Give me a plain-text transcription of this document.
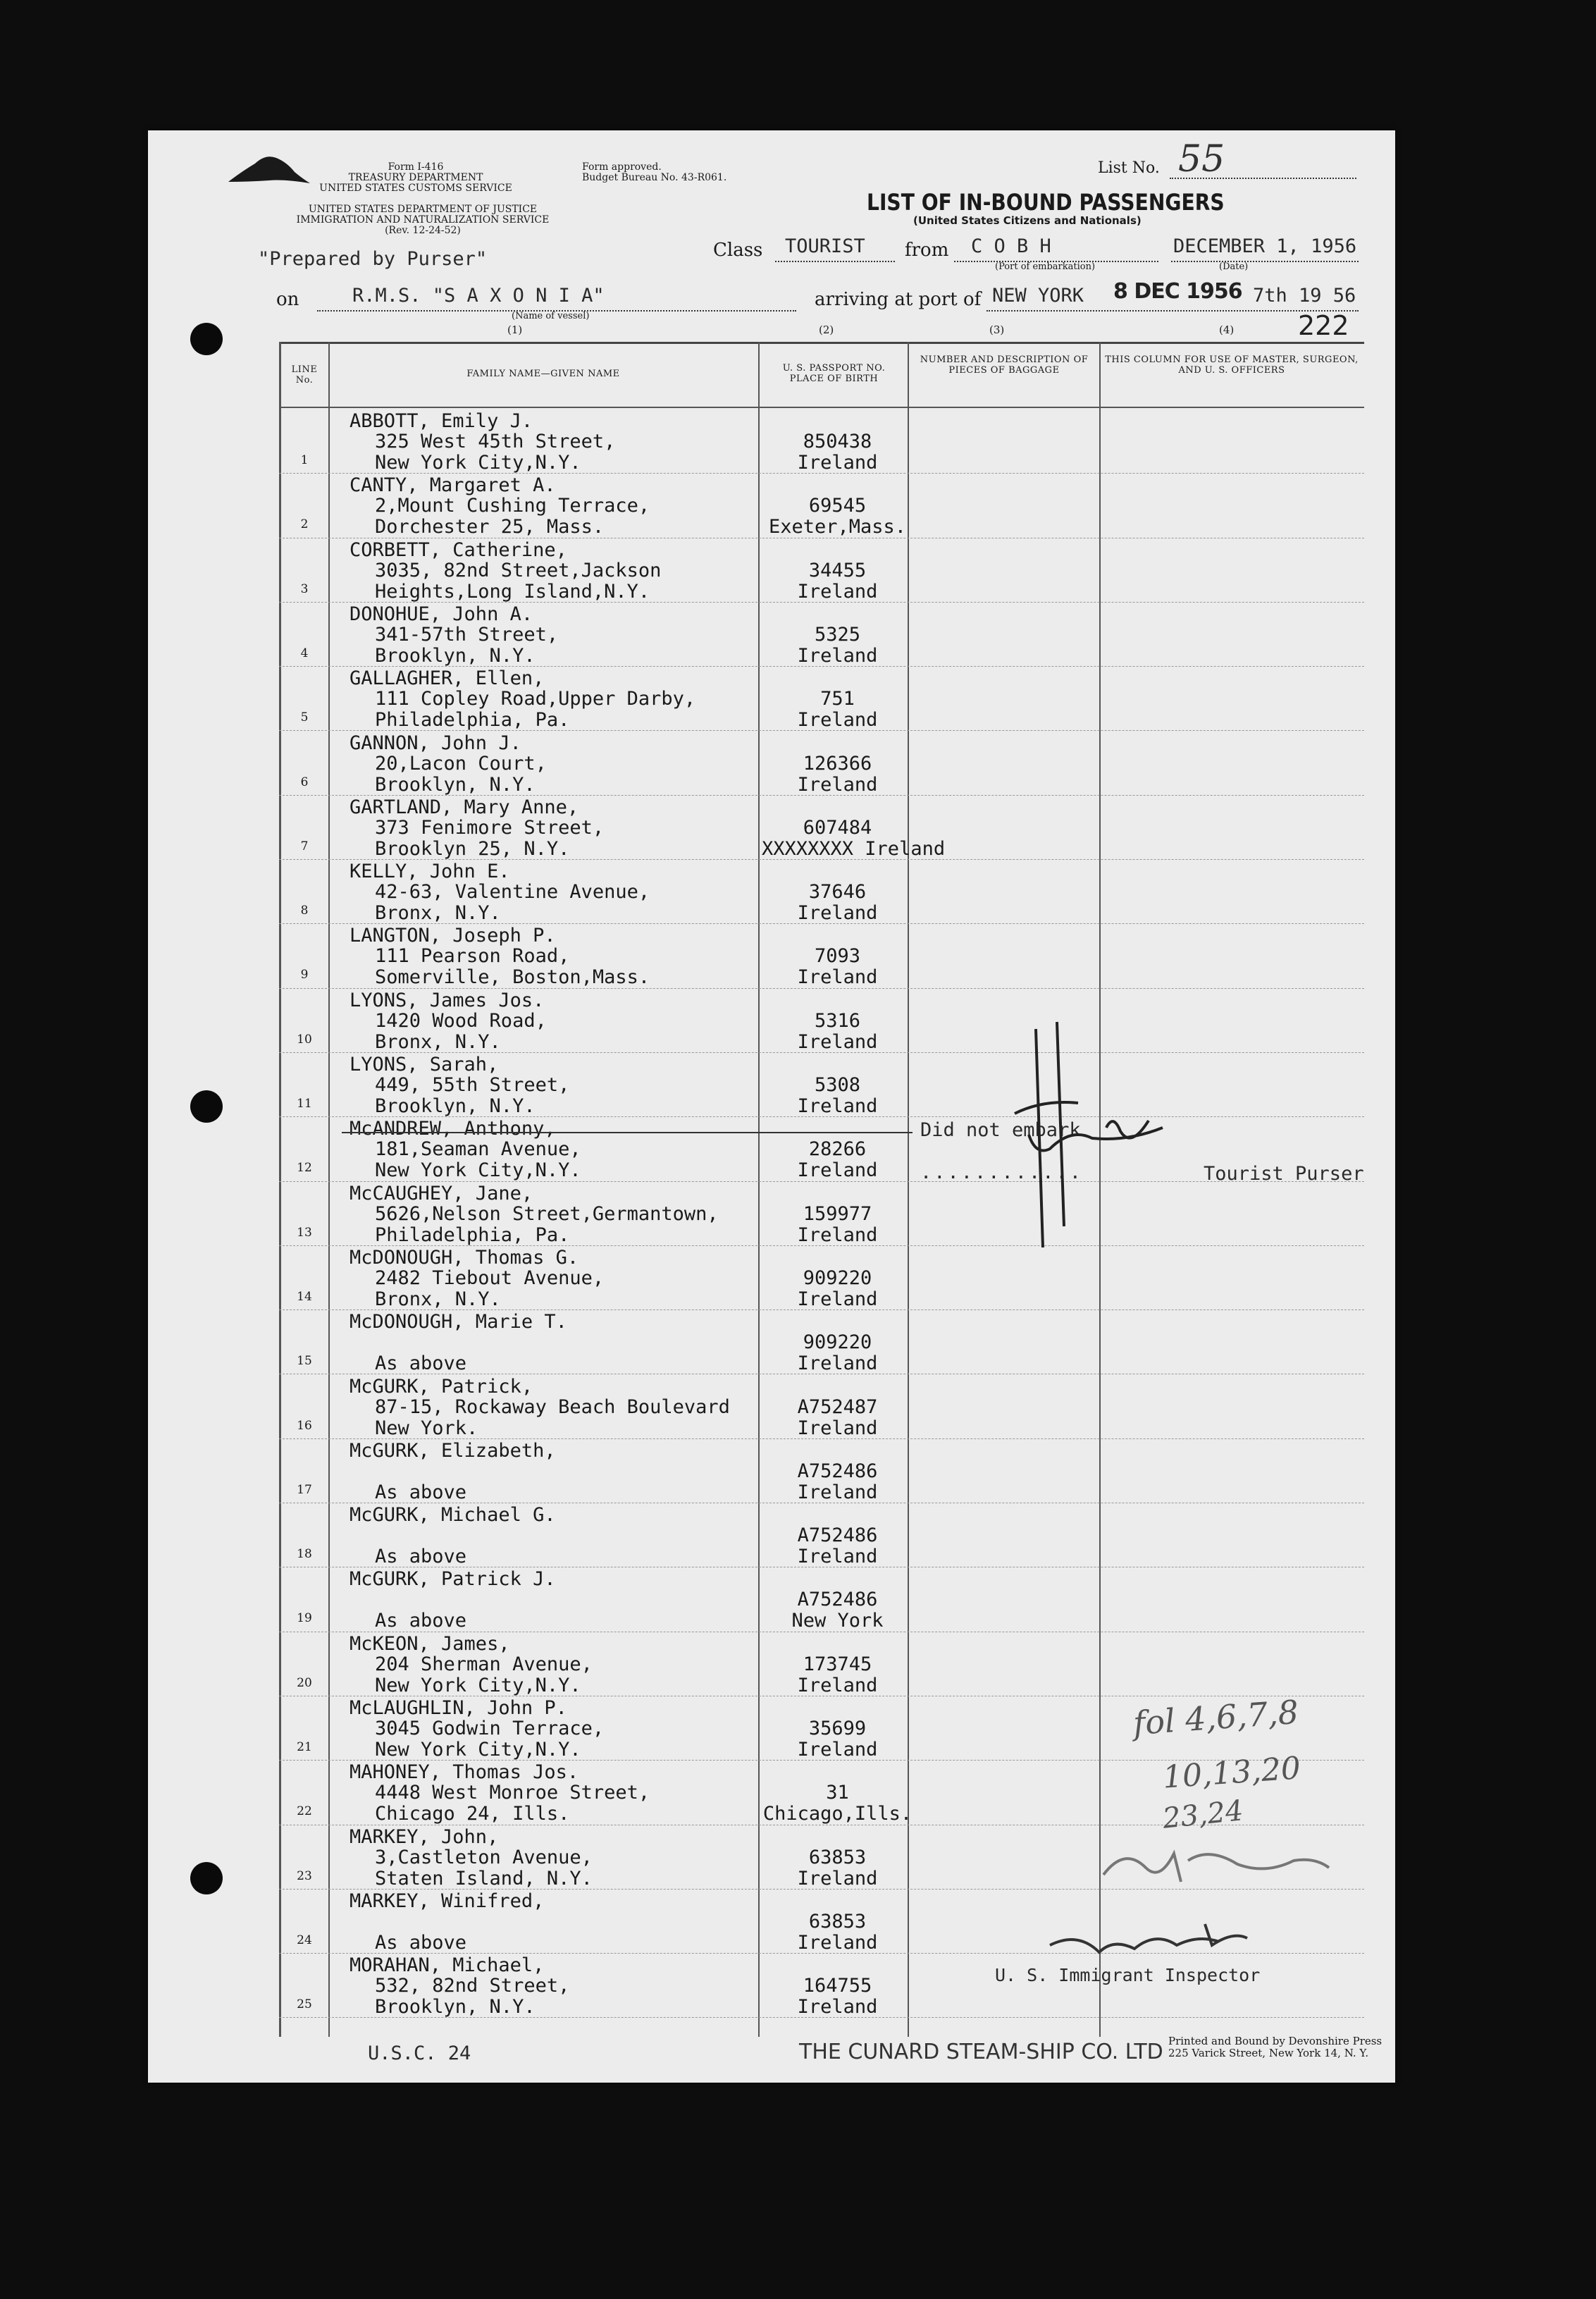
Form I-416
TREASURY DEPARTMENT
UNITED STATES CUSTOMS SERVICE
Form approved.
Budget Bureau No. 43-R061.
List No. 55
LIST OF IN-BOUND PASSENGERS
(United States Citizens and Nationals)
UNITED STATES DEPARTMENT OF JUSTICE
IMMIGRATION AND NATURALIZATION SERVICE
(Rev. 12-24-52)
"Prepared by Purser"	Class TOURIST from C O B H
(Port of embarkation)
DECEMBER 1, 1956
(Date)
on	R.M.S. "S A X O N I A"
(Name of vessel)
arriving at port of NEW YORK 8 DEC 1956 7th 19 56
(1)	(2)	(3)	(4) 222
LINE No.
FAMILY NAME—GIVEN NAME
U. S. PASSPORT NO. PLACE OF BIRTH
NUMBER AND DESCRIPTION OF PIECES OF BAGGAGE
THIS COLUMN FOR USE OF MASTER, SURGEON, AND U. S. OFFICERS
1
ABBOTT, Emily J.
325 West 45th Street,
New York City,N.Y.
850438
Ireland
2
CANTY, Margaret A.
2,Mount Cushing Terrace,
Dorchester 25, Mass.
69545
Exeter,Mass.
3
CORBETT, Catherine,
3035, 82nd Street,Jackson
Heights,Long Island,N.Y.
34455
Ireland
4
DONOHUE, John A.
341-57th Street,
Brooklyn, N.Y.
5325
Ireland
5
GALLAGHER, Ellen,
111 Copley Road,Upper Darby,
Philadelphia, Pa.
751
Ireland
6
GANNON, John J.
20,Lacon Court,
Brooklyn, N.Y.
126366
Ireland
7
GARTLAND, Mary Anne,
373 Fenimore Street,
Brooklyn 25, N.Y.
607484
XXXXXXXX Ireland
8
KELLY, John E.
42-63, Valentine Avenue,
Bronx, N.Y.
37646
Ireland
9
LANGTON, Joseph P.
111 Pearson Road,
Somerville, Boston,Mass.
7093
Ireland
10
LYONS, James Jos.
1420 Wood Road,
Bronx, N.Y.
5316
Ireland
11
LYONS, Sarah,
449, 55th Street,
Brooklyn, N.Y.
5308
Ireland
12
McANDREW, Anthony,
181,Seaman Avenue,
New York City,N.Y.
28266
Ireland
13
McCAUGHEY, Jane,
5626,Nelson Street,Germantown,
Philadelphia, Pa.
159977
Ireland
14
McDONOUGH, Thomas G.
2482 Tiebout Avenue,
Bronx, N.Y.
909220
Ireland
15
McDONOUGH, Marie T.
As above
909220
Ireland
16
McGURK, Patrick,
87-15, Rockaway Beach Boulevard
New York.
A752487
Ireland
17
McGURK, Elizabeth,
As above
A752486
Ireland
18
McGURK, Michael G.
As above
A752486
Ireland
19
McGURK, Patrick J.
As above
A752486
New York
20
McKEON, James,
204 Sherman Avenue,
New York City,N.Y.
173745
Ireland
21
McLAUGHLIN, John P.
3045 Godwin Terrace,
New York City,N.Y.
35699
Ireland
22
MAHONEY, Thomas Jos.
4448 West Monroe Street,
Chicago 24, Ills.
31
Chicago,Ills.
23
MARKEY, John,
3,Castleton Avenue,
Staten Island, N.Y.
63853
Ireland
24
MARKEY, Winifred,
As above
63853
Ireland
25
MORAHAN, Michael,
532, 82nd Street,
Brooklyn, N.Y.
164755
Ireland
Did not embark
............	Tourist Purser
fol 4,6,7,8
10,13,20
23,24
U. S. Immigrant Inspector
U.S.C. 24	THE CUNARD STEAM-SHIP CO. LTD Printed and Bound by Devonshire Press
225 Varick Street, New York 14, N. Y.
